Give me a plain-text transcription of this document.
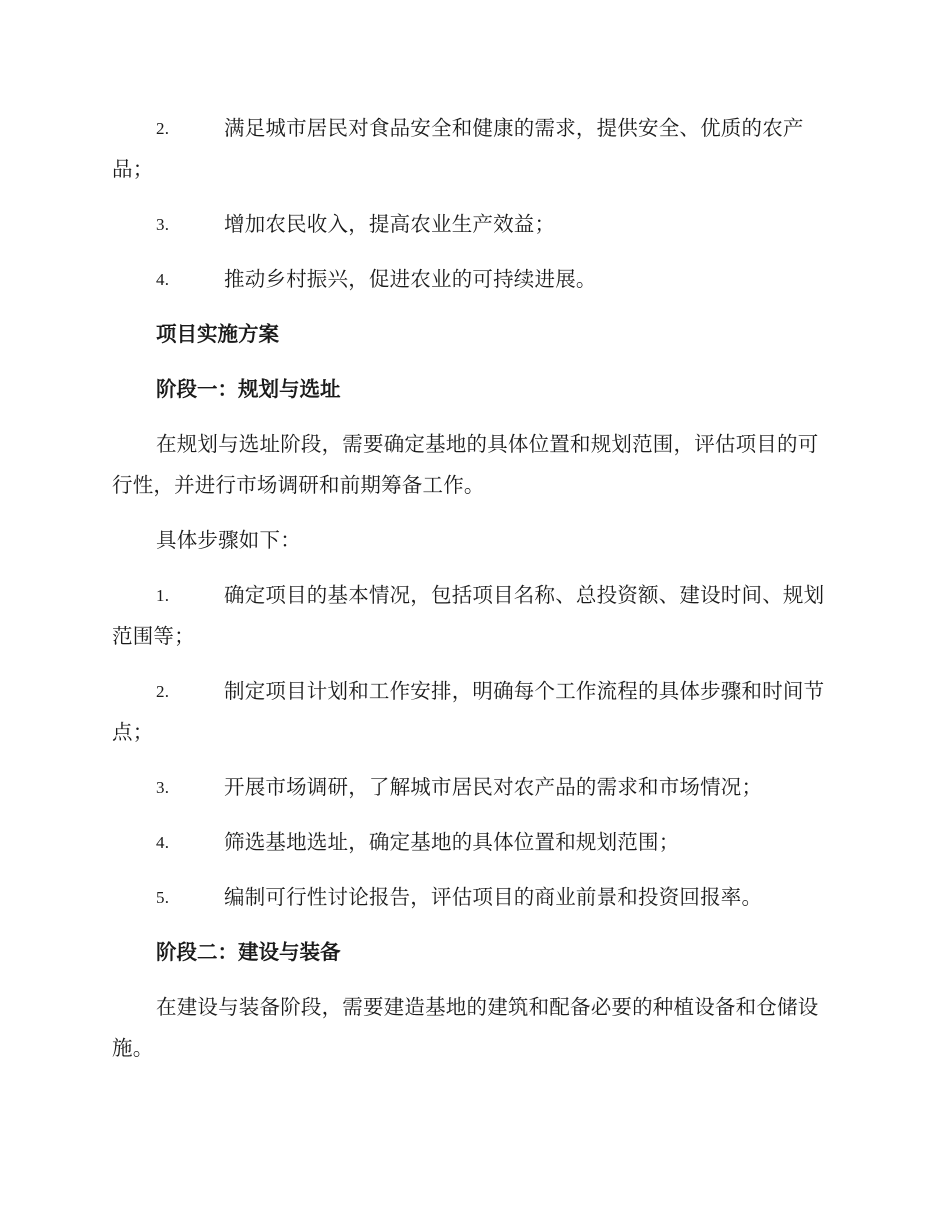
2.	满足城市居民对食品安全和健康的需求，提供安全、优质的农产品；
3.	增加农民收入，提高农业生产效益；
4.	推动乡村振兴，促进农业的可持续进展。
项目实施方案
阶段一：规划与选址
在规划与选址阶段，需要确定基地的具体位置和规划范围，评估项目的可行性，并进行市场调研和前期筹备工作。
具体步骤如下：
1.	确定项目的基本情况，包括项目名称、总投资额、建设时间、规划范围等；
2.	制定项目计划和工作安排，明确每个工作流程的具体步骤和时间节点；
3.	开展市场调研，了解城市居民对农产品的需求和市场情况；
4.	筛选基地选址，确定基地的具体位置和规划范围；
5.	编制可行性讨论报告，评估项目的商业前景和投资回报率。
阶段二：建设与装备
在建设与装备阶段，需要建造基地的建筑和配备必要的种植设备和仓储设施。
